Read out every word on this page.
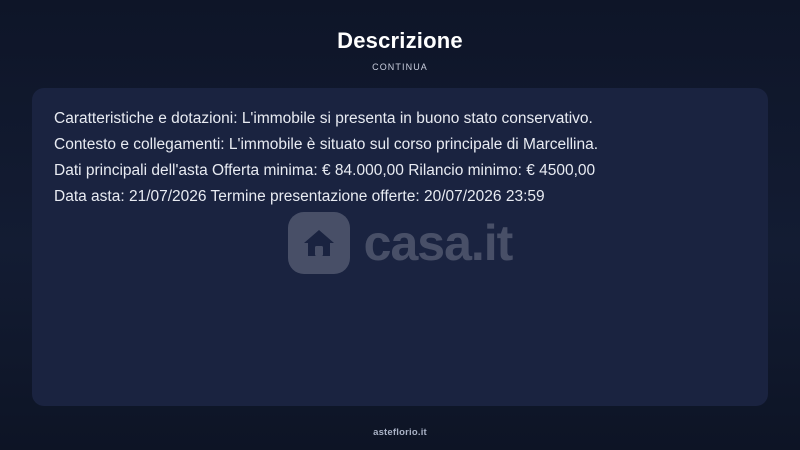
Descrizione
CONTINUA
Caratteristiche e dotazioni: L'immobile si presenta in buono stato conservativo.
Contesto e collegamenti: L'immobile è situato sul corso principale di Marcellina.
Dati principali dell'asta Offerta minima: € 84.000,00 Rilancio minimo: € 4500,00
Data asta: 21/07/2026 Termine presentazione offerte: 20/07/2026 23:59
casa.it
asteflorio.it
